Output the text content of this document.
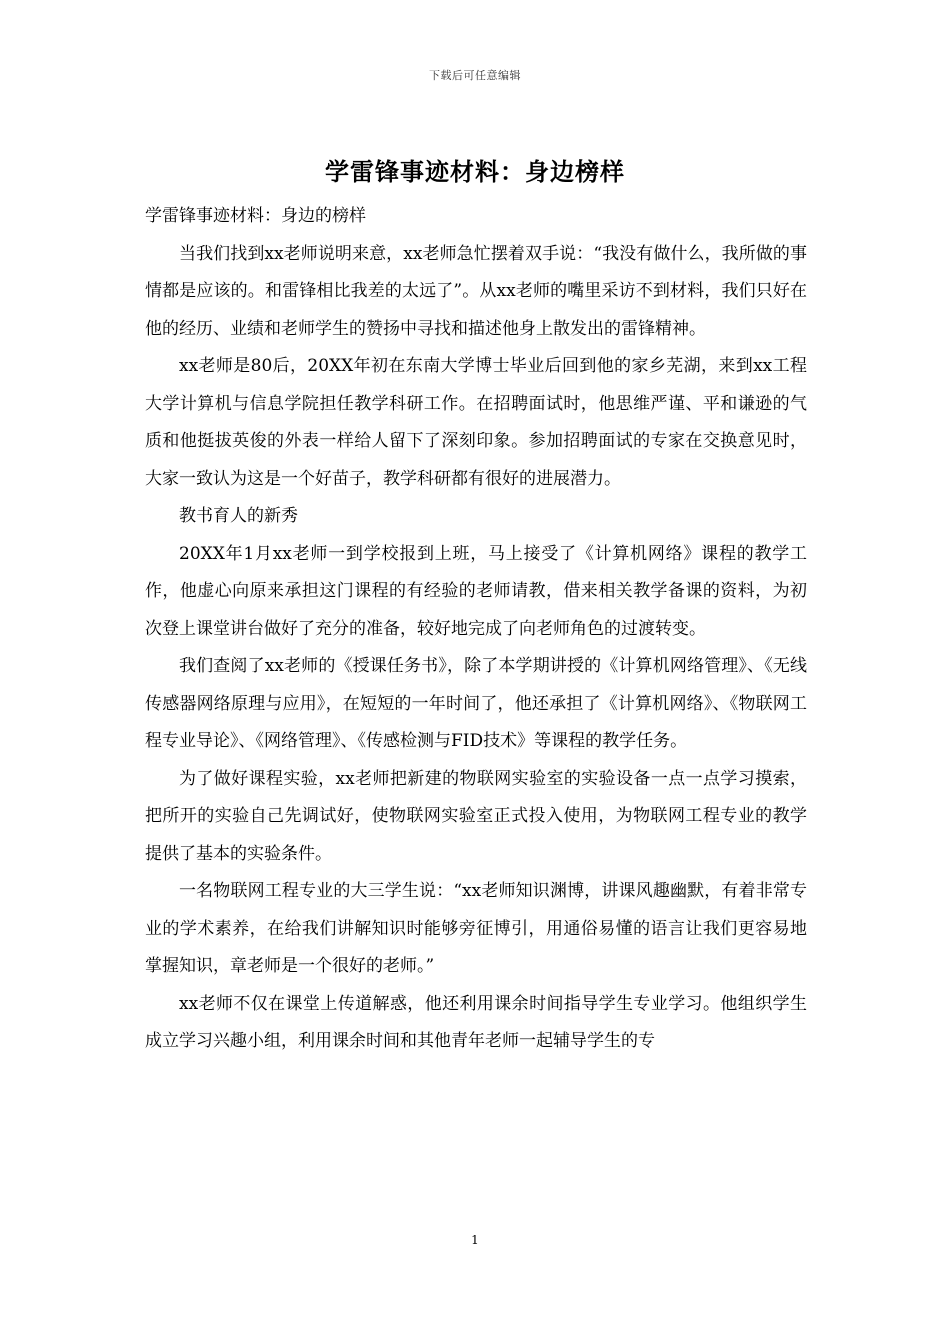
下载后可任意编辑
学雷锋事迹材料：身边榜样

学雷锋事迹材料：身边的榜样

当我们找到xx老师说明来意，xx老师急忙摆着双手说：“我没有做什么，我所做的事情都是应该的。和雷锋相比我差的太远了”。从xx老师的嘴里采访不到材料，我们只好在他的经历、业绩和老师学生的赞扬中寻找和描述他身上散发出的雷锋精神。

xx老师是80后，20XX年初在东南大学博士毕业后回到他的家乡芜湖，来到xx工程大学计算机与信息学院担任教学科研工作。在招聘面试时，他思维严谨、平和谦逊的气质和他挺拔英俊的外表一样给人留下了深刻印象。参加招聘面试的专家在交换意见时，大家一致认为这是一个好苗子，教学科研都有很好的进展潜力。

教书育人的新秀

20XX年1月xx老师一到学校报到上班，马上接受了《计算机网络》课程的教学工作，他虚心向原来承担这门课程的有经验的老师请教，借来相关教学备课的资料，为初次登上课堂讲台做好了充分的准备，较好地完成了向老师角色的过渡转变。

我们查阅了xx老师的《授课任务书》，除了本学期讲授的《计算机网络管理》、《无线传感器网络原理与应用》，在短短的一年时间了，他还承担了《计算机网络》、《物联网工程专业导论》、《网络管理》、《传感检测与FID技术》等课程的教学任务。

为了做好课程实验，xx老师把新建的物联网实验室的实验设备一点一点学习摸索，把所开的实验自己先调试好，使物联网实验室正式投入使用，为物联网工程专业的教学提供了基本的实验条件。

一名物联网工程专业的大三学生说：“xx老师知识渊博，讲课风趣幽默，有着非常专业的学术素养，在给我们讲解知识时能够旁征博引，用通俗易懂的语言让我们更容易地掌握知识，章老师是一个很好的老师。”

xx老师不仅在课堂上传道解惑，他还利用课余时间指导学生专业学习。他组织学生成立学习兴趣小组，利用课余时间和其他青年老师一起辅导学生的专

1
